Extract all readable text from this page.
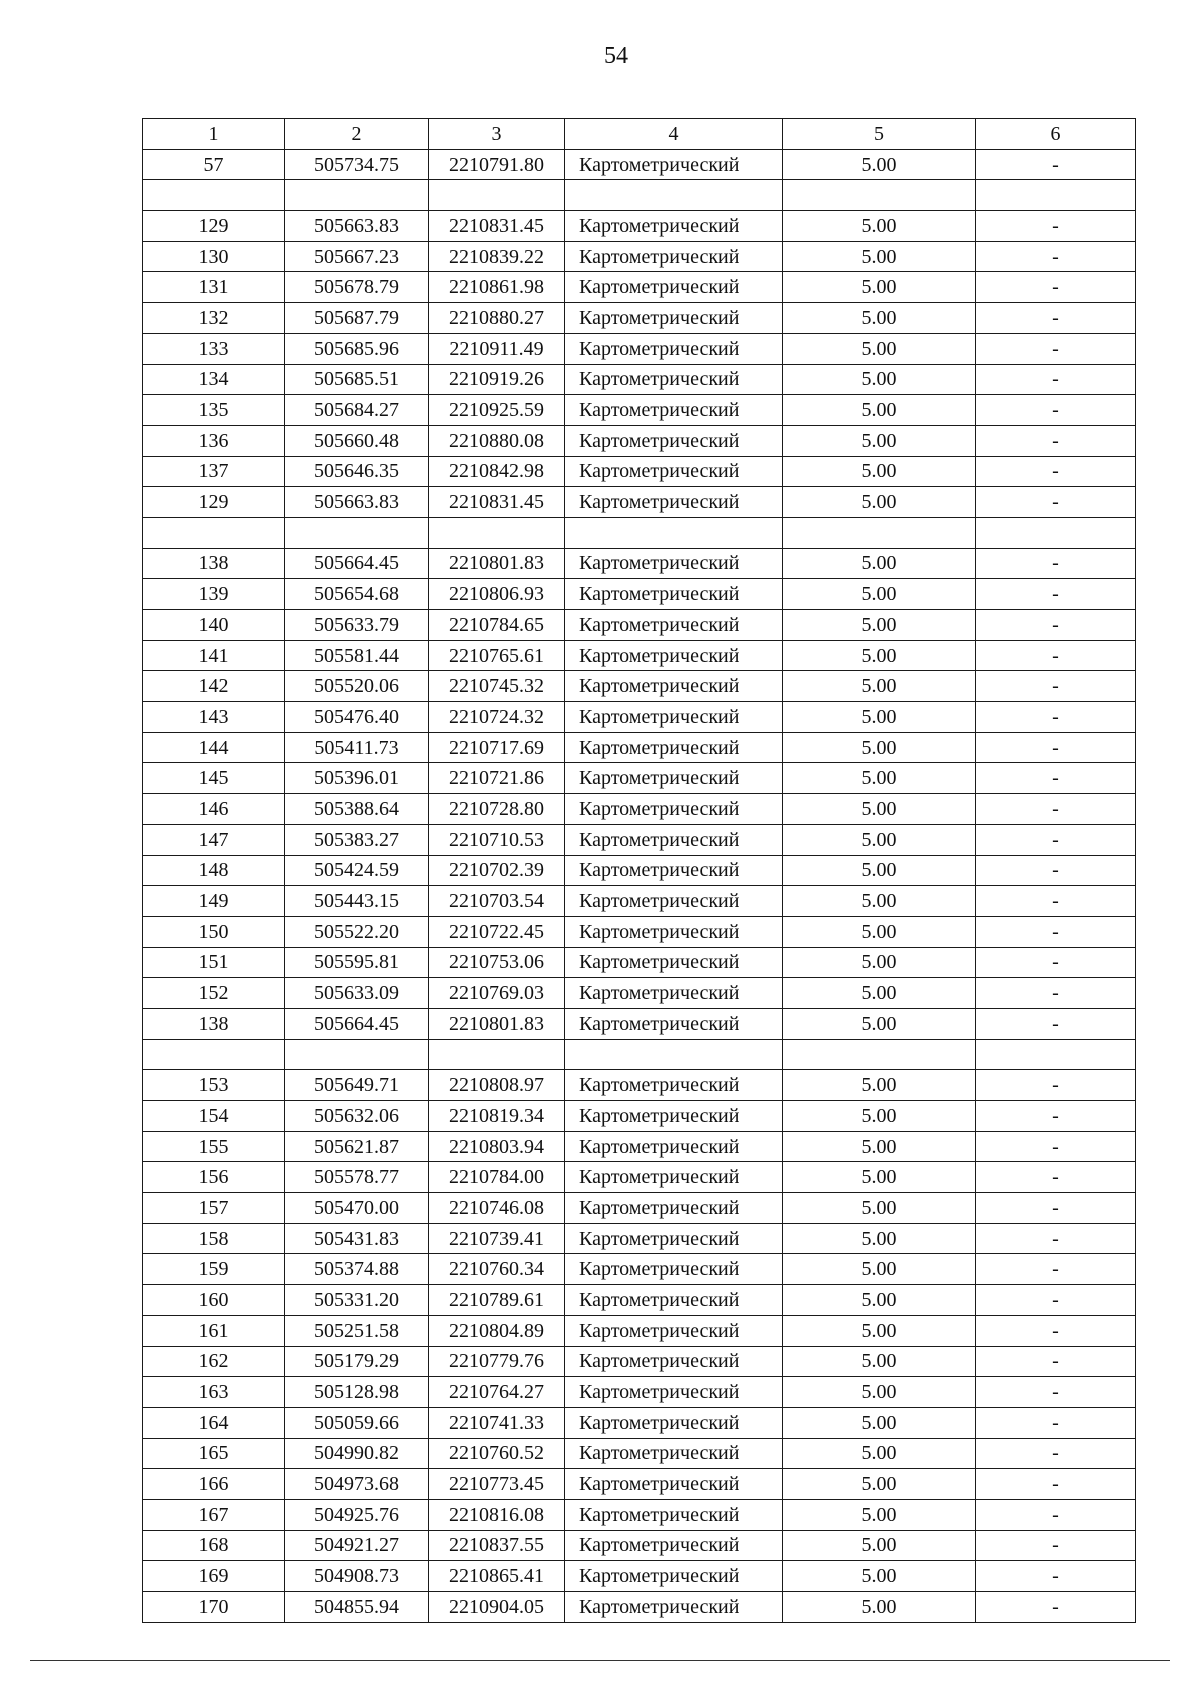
54
1	2	3	4	5	6
57	505734.75	2210791.80	Картометрический	5.00	-

129	505663.83	2210831.45	Картометрический	5.00	-
130	505667.23	2210839.22	Картометрический	5.00	-
131	505678.79	2210861.98	Картометрический	5.00	-
132	505687.79	2210880.27	Картометрический	5.00	-
133	505685.96	2210911.49	Картометрический	5.00	-
134	505685.51	2210919.26	Картометрический	5.00	-
135	505684.27	2210925.59	Картометрический	5.00	-
136	505660.48	2210880.08	Картометрический	5.00	-
137	505646.35	2210842.98	Картометрический	5.00	-
129	505663.83	2210831.45	Картометрический	5.00	-

138	505664.45	2210801.83	Картометрический	5.00	-
139	505654.68	2210806.93	Картометрический	5.00	-
140	505633.79	2210784.65	Картометрический	5.00	-
141	505581.44	2210765.61	Картометрический	5.00	-
142	505520.06	2210745.32	Картометрический	5.00	-
143	505476.40	2210724.32	Картометрический	5.00	-
144	505411.73	2210717.69	Картометрический	5.00	-
145	505396.01	2210721.86	Картометрический	5.00	-
146	505388.64	2210728.80	Картометрический	5.00	-
147	505383.27	2210710.53	Картометрический	5.00	-
148	505424.59	2210702.39	Картометрический	5.00	-
149	505443.15	2210703.54	Картометрический	5.00	-
150	505522.20	2210722.45	Картометрический	5.00	-
151	505595.81	2210753.06	Картометрический	5.00	-
152	505633.09	2210769.03	Картометрический	5.00	-
138	505664.45	2210801.83	Картометрический	5.00	-

153	505649.71	2210808.97	Картометрический	5.00	-
154	505632.06	2210819.34	Картометрический	5.00	-
155	505621.87	2210803.94	Картометрический	5.00	-
156	505578.77	2210784.00	Картометрический	5.00	-
157	505470.00	2210746.08	Картометрический	5.00	-
158	505431.83	2210739.41	Картометрический	5.00	-
159	505374.88	2210760.34	Картометрический	5.00	-
160	505331.20	2210789.61	Картометрический	5.00	-
161	505251.58	2210804.89	Картометрический	5.00	-
162	505179.29	2210779.76	Картометрический	5.00	-
163	505128.98	2210764.27	Картометрический	5.00	-
164	505059.66	2210741.33	Картометрический	5.00	-
165	504990.82	2210760.52	Картометрический	5.00	-
166	504973.68	2210773.45	Картометрический	5.00	-
167	504925.76	2210816.08	Картометрический	5.00	-
168	504921.27	2210837.55	Картометрический	5.00	-
169	504908.73	2210865.41	Картометрический	5.00	-
170	504855.94	2210904.05	Картометрический	5.00	-
